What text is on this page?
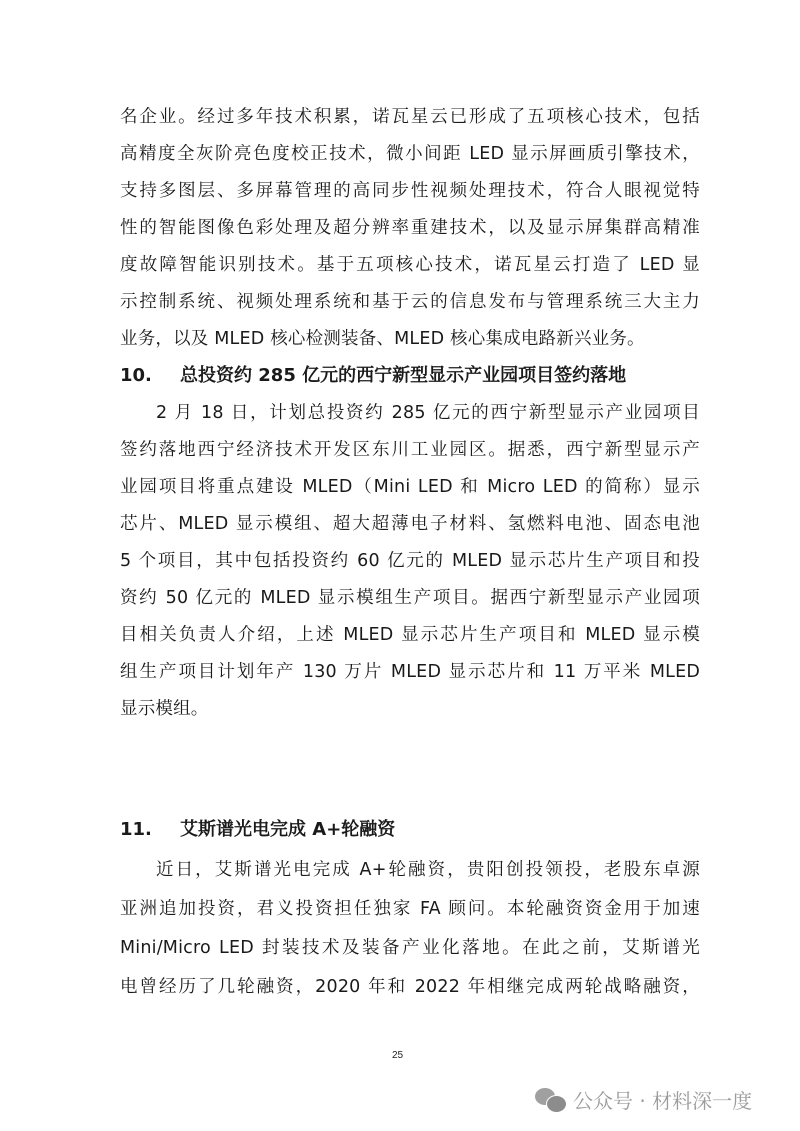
名企业。经过多年技术积累，诺瓦星云已形成了五项核心技术，包括
高精度全灰阶亮色度校正技术，微小间距 LED 显示屏画质引擎技术，
支持多图层、多屏幕管理的高同步性视频处理技术，符合人眼视觉特
性的智能图像色彩处理及超分辨率重建技术，以及显示屏集群高精准
度故障智能识别技术。基于五项核心技术，诺瓦星云打造了 LED 显
示控制系统、视频处理系统和基于云的信息发布与管理系统三大主力
业务，以及 MLED 核心检测装备、MLED 核心集成电路新兴业务。
10. 总投资约 285 亿元的西宁新型显示产业园项目签约落地
2 月 18 日，计划总投资约 285 亿元的西宁新型显示产业园项目
签约落地西宁经济技术开发区东川工业园区。据悉，西宁新型显示产
业园项目将重点建设 MLED（Mini LED 和 Micro LED 的简称）显示
芯片、MLED 显示模组、超大超薄电子材料、氢燃料电池、固态电池
5 个项目，其中包括投资约 60 亿元的 MLED 显示芯片生产项目和投
资约 50 亿元的 MLED 显示模组生产项目。据西宁新型显示产业园项
目相关负责人介绍，上述 MLED 显示芯片生产项目和 MLED 显示模
组生产项目计划年产 130 万片 MLED 显示芯片和 11 万平米 MLED
显示模组。
11. 艾斯谱光电完成 A+轮融资
近日，艾斯谱光电完成 A+轮融资，贵阳创投领投，老股东卓源
亚洲追加投资，君义投资担任独家 FA 顾问。本轮融资资金用于加速
Mini/Micro LED 封装技术及装备产业化落地。在此之前，艾斯谱光
电曾经历了几轮融资，2020 年和 2022 年相继完成两轮战略融资，
25
公众号 · 材料深一度
